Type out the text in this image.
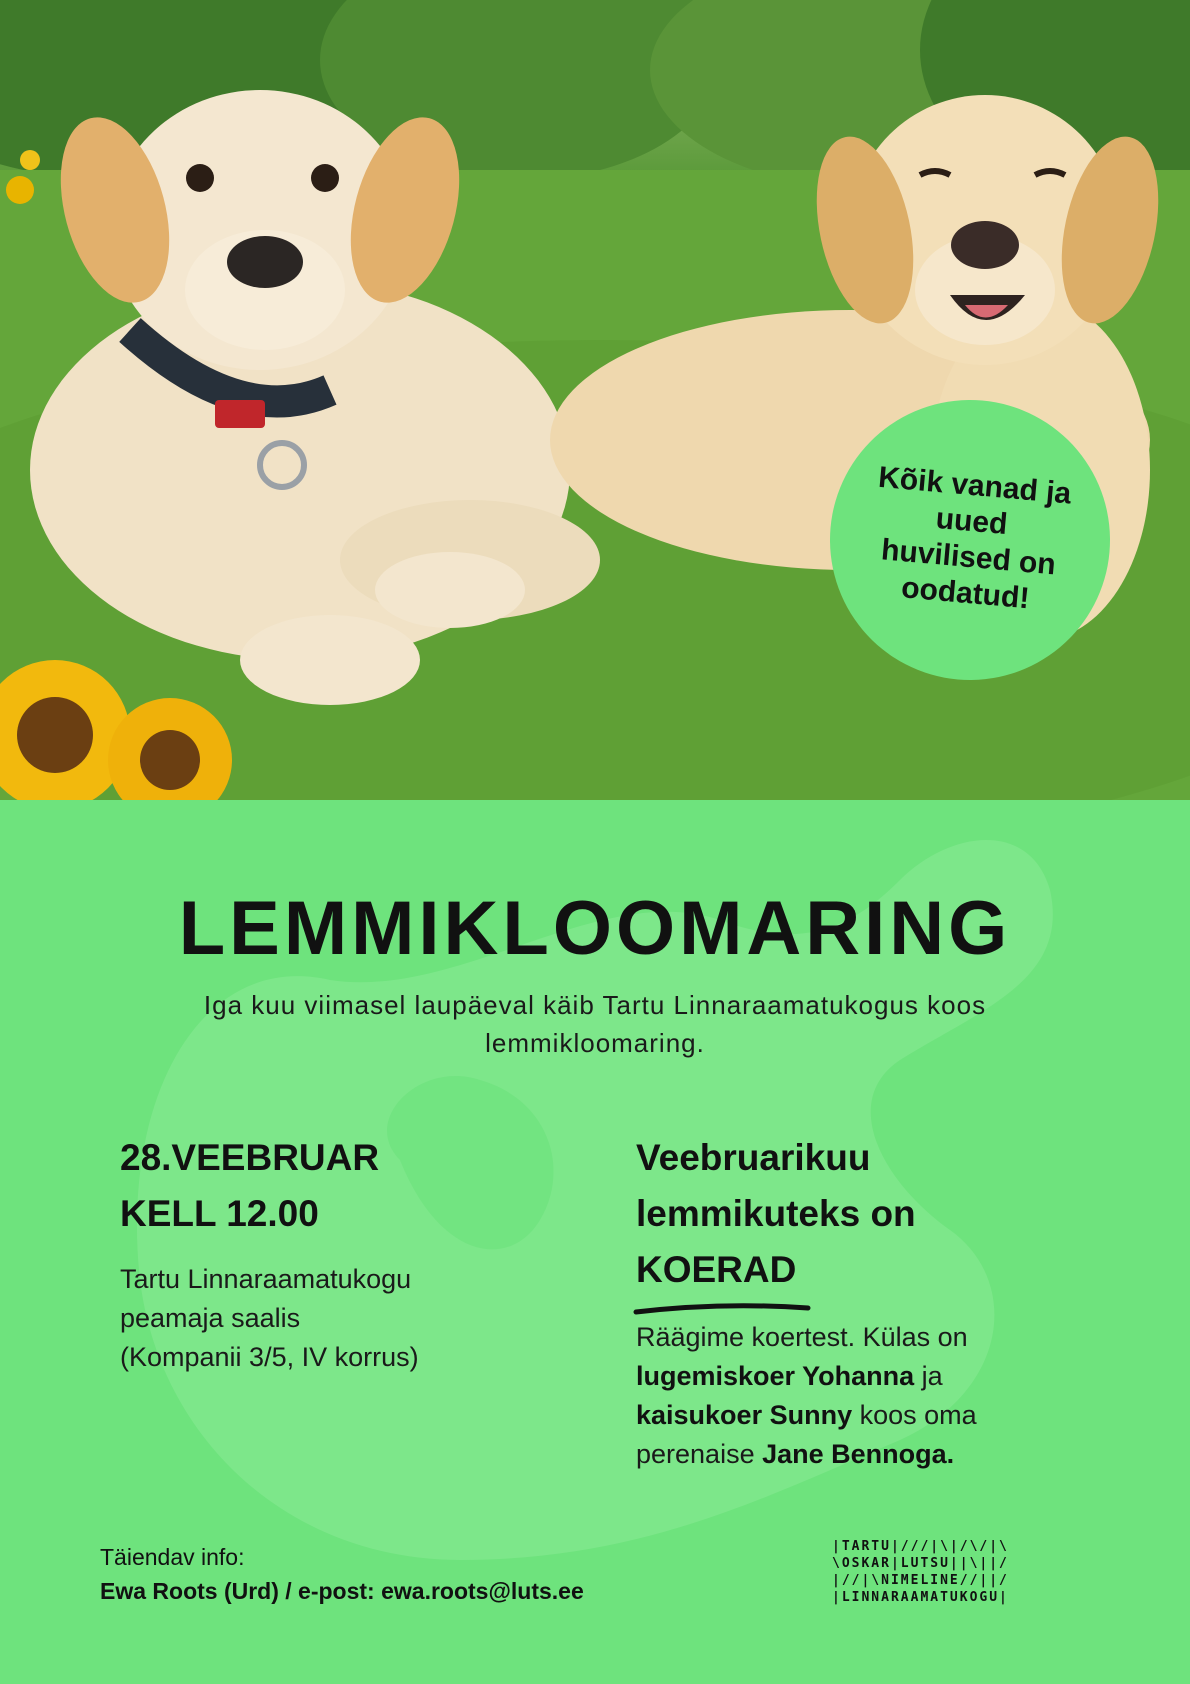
Kõik vanad ja uued huvilised on oodatud!
LEMMIKLOOMARING
Iga kuu viimasel laupäeval käib Tartu Linnaraamatukogus koos lemmikloomaring.
28.VEEBRUAR
KELL 12.00
Tartu Linnaraamatukogu
peamaja saalis
(Kompanii 3/5, IV korrus)
Veebruarikuu
lemmikuteks on
KOERAD
Räägime koertest. Külas on
lugemiskoer Yohanna ja
kaisukoer Sunny koos oma perenaise Jane Bennoga.
Täiendav info:
Ewa Roots (Urd) / e-post: ewa.roots@luts.ee
|TARTU|///|\|/\/|\
\OSKAR|LUTSU||\||/
|//|\NIMELINE//||/
|LINNARAAMATUKOGU|
